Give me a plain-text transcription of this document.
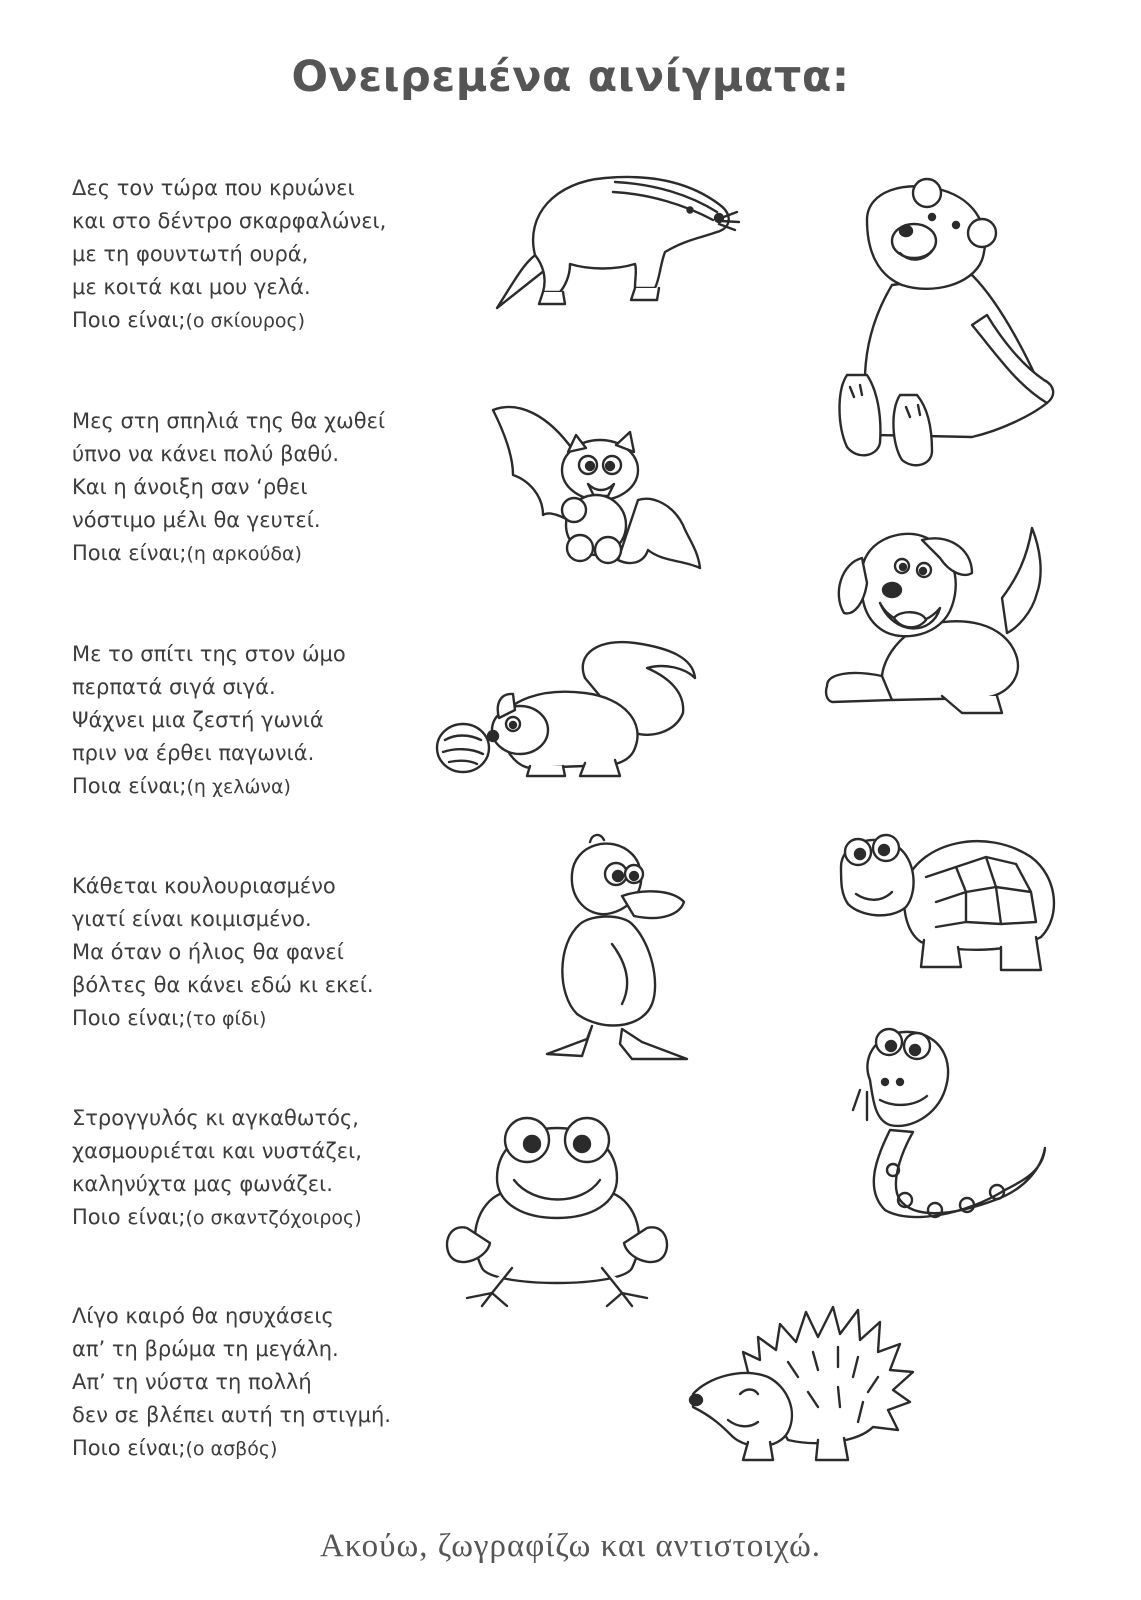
Ονειρεμένα αινίγματα:
Δες τον τώρα που κρυώνει
και στο δέντρο σκαρφαλώνει,
με τη φουντωτή ουρά,
με κοιτά και μου γελά.
Ποιο είναι;(ο σκίουρος)
Μες στη σπηλιά της θα χωθεί
ύπνο να κάνει πολύ βαθύ.
Και η άνοιξη σαν ‘ρθει
νόστιμο μέλι θα γευτεί.
Ποια είναι;(η αρκούδα)
Με το σπίτι της στον ώμο
περπατά σιγά σιγά.
Ψάχνει μια ζεστή γωνιά
πριν να έρθει παγωνιά.
Ποια είναι;(η χελώνα)
Κάθεται κουλουριασμένο
γιατί είναι κοιμισμένο.
Μα όταν ο ήλιος θα φανεί
βόλτες θα κάνει εδώ κι εκεί.
Ποιο είναι;(το φίδι)
Στρογγυλός κι αγκαθωτός,
χασμουριέται και νυστάζει,
καληνύχτα μας φωνάζει.
Ποιο είναι;(ο σκαντζόχοιρος)
Λίγο καιρό θα ησυχάσεις
απ’ τη βρώμα τη μεγάλη.
Απ’ τη νύστα τη πολλή
δεν σε βλέπει αυτή τη στιγμή.
Ποιο είναι;(ο ασβός)
Ακούω, ζωγραφίζω και αντιστοιχώ.
